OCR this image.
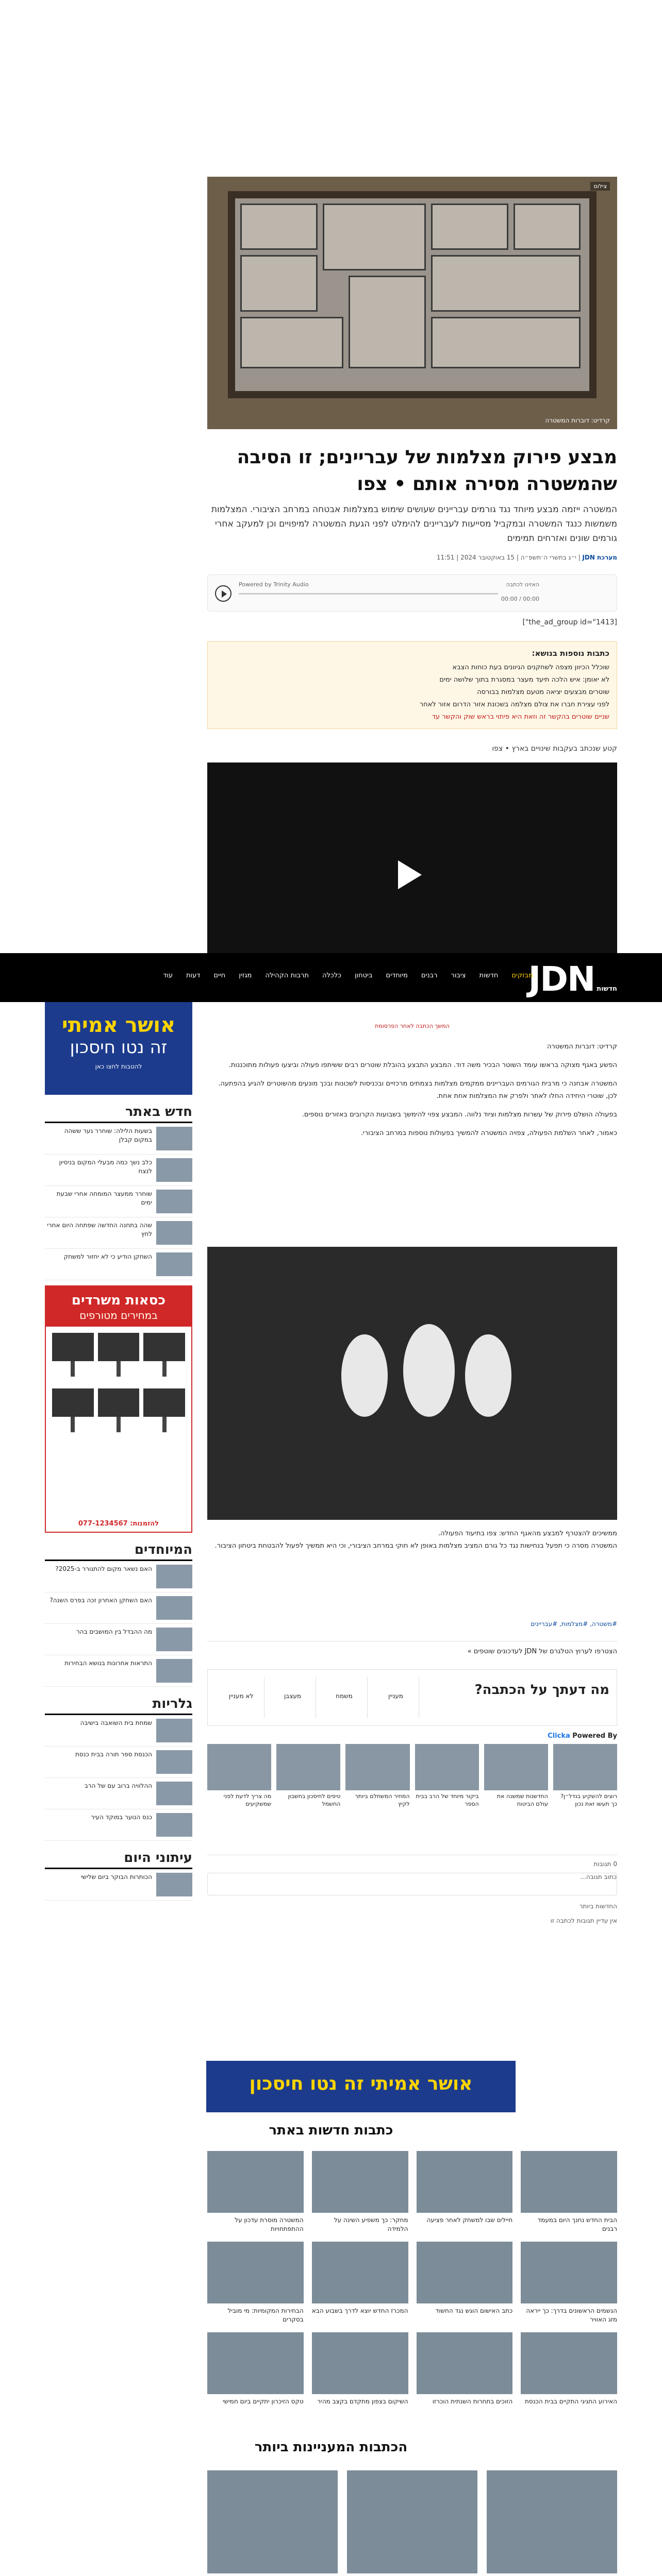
צילום
קרדיט: דוברות המשטרה
מבצע פירוק מצלמות של עבריינים; זו הסיבה שהמשטרה מסירה אותם • צפו

המשטרה ייזמה מבצע מיוחד נגד גורמים עבריינים שעושים שימוש במצלמות אבטחה במרחב הציבורי. המצלמות משמשות כנגד המשטרה ובמקביל מסייעות לעבריינים להימלט לפני הגעת המשטרה למיפויים וכן למעקב אחרי גורמים שונים ואזרחים תמימים

מערכת JDN | י״ג בתשרי ה׳תשפ״ה | 15 באוקטובר 2024 | 11:51
Powered by Trinity Audio	האזינו לכתבה
00:00 / 00:00
[the_ad_group id="1413"]
כתבות נוספות בנושא:
שוכלל הכיוון מצפה לשחקנים הגיוונים בעת כוחות הצבא
לא יאומן: איש הלכה תיעד מעצר במסגרת בתוך שלושה ימים
שוטרים מבצעים יציאה מטעם מצלמות בבורסה
לפני עצירת חברו את צולם מצלמה בשכונת אזור הדרום אזור לאחר
שניים שוטרים בהקשר זה וזאת היא פיתוי בראש שוק והקשר עד
קטע שנכתב בעקבות שינויים בארץ • צפו
JDN חדשות
מבזקים
חדשות
ציבור
רבנים
מיוחדים
ביטחון
כלכלה
תרבות הקהילה
מגזין
חיים
דעות
עוד
אושר אמיתי
זה נטו חיסכון
להטבות לחצו כאן
חדש באתר
בשעות הלילה: שוחרר נער ששהה במקום קבלן
כלב נשך כמה מבעלי המקום בניסיון לנצח
שוחרר ממעצר המומחה אחרי שבעת ימים
שהה בתחנה החדשה שפתחה היום אחרי לחץ
השחקן הודיע כי לא יחזור למשחק
כסאות משרדים
במחירים מטורפים
להזמנות: 077-1234567
המיוחדים
האם נשאר מקום להתגורר ב-2025?
האם השחקן האחרון זכה בפרס השנה?
מה ההבדל בין המושבים בהר
התראות אחרונות בנושא הבחירות
גלריות
שמחת בית השואבה בישיבה
הכנסת ספר תורה בבית כנסת
ההלוויה ברוב עם של הרב
כנס הנוער במוקד העיר
עיתוני היום
הכותרות הבוקר ביום שלישי
המשך הכתבה לאחר הפרסומת

קרדיט: דוברות המשטרה

הפשע באגף מצוקה בראשו עומד השוטר הבכיר משה דוד. המבצע התבצע בהובלת שוטרים רבים ששיתפו פעולה וביצעו פעולות מתוכננות.

המשטרה אבחנה כי מרבית הגורמים העבריינים ממקמים מצלמות בצמתים מרכזיים ובכניסות לשכונות ובכך מונעים מהשוטרים להגיע בהפתעה. לכן, שוטרי היחידה החלו לאתר ולפרק את המצלמות אחת אחת.

בפעולה הושלם פירוק של עשרות מצלמות וציוד נלווה. המבצע צפוי להימשך בשבועות הקרובים באזורים נוספים.

כאמור, לאחר השלמת הפעולה, צפויה המשטרה להמשיך בפעולות נוספות במרחב הציבורי.

ממשיכים להצטרף למבצע מהאגף החדש: צפו בתיעוד הפעולה.

המשטרה מסרה כי תפעל בנחישות נגד כל גורם המציב מצלמות באופן לא חוקי במרחב הציבורי, וכי היא תמשיך לפעול להבטחת ביטחון הציבור.

#משטרה, #מצלמות, #עבריינים
הצטרפו לערוץ הטלגרם של JDN לעדכונים שוטפים »
מה דעתך על הכתבה?
לא מעניין	מעצבן	משמח	מעניין
Clicka Powered By
רוצים להשקיע בנדל״ן? כך תעשו זאת נכון
החדשנות שמשנה את עולם הביטוח
ביקור מיוחד של הרב בבית הספר
המחיר המשתלם ביותר לקיץ
טיפים לחיסכון בחשבון החשמל
מה צריך לדעת לפני שמשקיעים
0 תגובות
כתוב תגובה...
החדשות ביותר
אין עדיין תגובות לכתבה זו
אושר אמיתי זה נטו חיסכון
כתבות חדשות באתר
הבית החדש נחנך היום במעמד רבנים
חיילים שבו למשחק לאחר פציעה
מחקר: כך משפיע השינה על הלמידה
המשטרה מוסרת עדכון על ההתפתחויות
הגשמים הראשונים בדרך: כך ייראה מזג האוויר
כתב האישום הוגש נגד החשוד
המכרז החדש יוצא לדרך בשבוע הבא
הבחירות המקומיות: מי מוביל בסקרים
האירוע החגיגי התקיים בבית הכנסת
הזוכים בתחרות השנתית הוכרזו
השיקום בצפון מתקדם בקצב מהיר
טקס הזיכרון יתקיים ביום חמישי
הכתבות המעניינות ביותר
